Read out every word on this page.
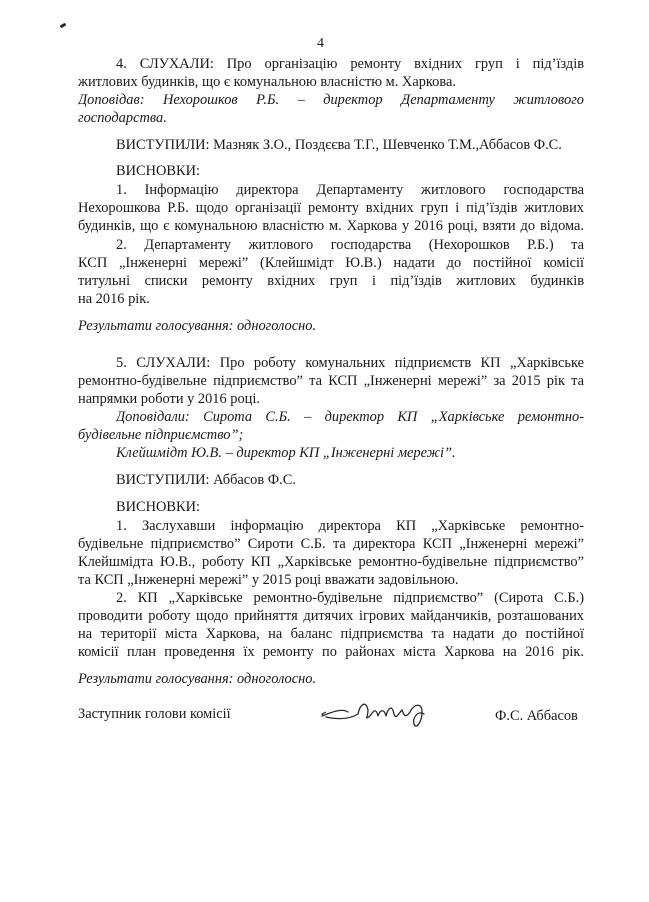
4
4. СЛУХАЛИ: Про організацію ремонту вхідних груп і під’їздів
житлових будинків, що є комунальною власністю м. Харкова.
Доповідав: Нехорошков Р.Б. – директор Департаменту житлового
господарства.
ВИСТУПИЛИ: Мазняк З.О., Поздєєва Т.Г., Шевченко Т.М.,Аббасов Ф.С.
ВИСНОВКИ:
1. Інформацію директора Департаменту житлового господарства
Нехорошкова Р.Б. щодо організації ремонту вхідних груп і під’їздів житлових
будинків, що є комунальною власністю м. Харкова у 2016 році, взяти до відома.
2. Департаменту житлового господарства (Нехорошков Р.Б.) та
КСП „Інженерні мережі” (Клейшмідт Ю.В.) надати до постійної комісії
титульні списки ремонту вхідних груп і під’їздів житлових будинків
на 2016 рік.
Результати голосування: одноголосно.
5. СЛУХАЛИ: Про роботу комунальних підприємств КП „Харківське
ремонтно-будівельне підприємство” та КСП „Інженерні мережі” за 2015 рік та
напрямки роботи у 2016 році.
Доповідали: Сирота С.Б. – директор КП „Харківське ремонтно-
будівельне підприємство”;
Клейшмідт Ю.В. – директор КП „Інженерні мережі”.
ВИСТУПИЛИ: Аббасов Ф.С.
ВИСНОВКИ:
1. Заслухавши інформацію директора КП „Харківське ремонтно-
будівельне підприємство” Сироти С.Б. та директора КСП „Інженерні мережі”
Клейшмідта Ю.В., роботу КП „Харківське ремонтно-будівельне підприємство”
та КСП „Інженерні мережі” у 2015 році вважати задовільною.
2. КП „Харківське ремонтно-будівельне підприємство” (Сирота С.Б.)
проводити роботу щодо прийняття дитячих ігрових майданчиків, розташованих
на території міста Харкова, на баланс підприємства та надати до постійної
комісії план проведення їх ремонту по районах міста Харкова на 2016 рік.
Результати голосування: одноголосно.
Заступник голови комісії	Ф.С. Аббасов
